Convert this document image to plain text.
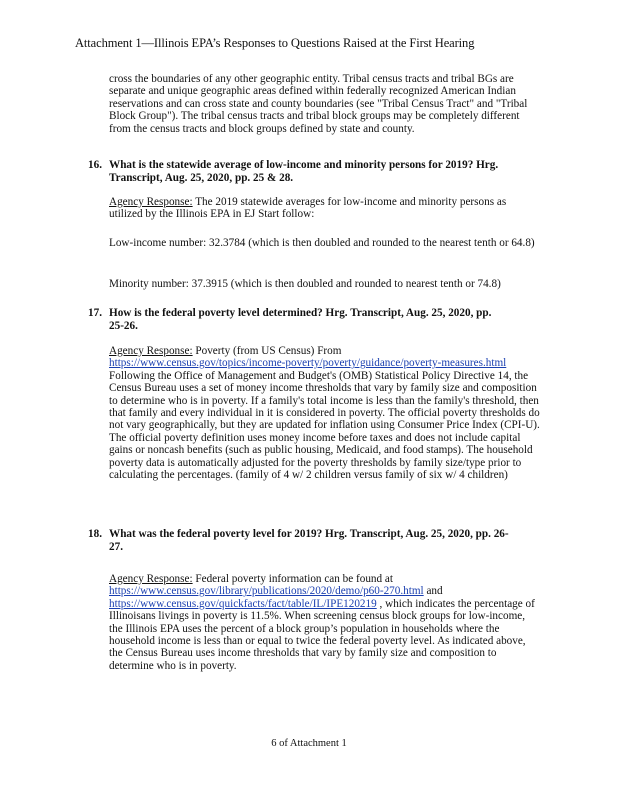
Attachment 1—Illinois EPA’s Responses to Questions Raised at the First Hearing
cross the boundaries of any other geographic entity. Tribal census tracts and tribal BGs are separate and unique geographic areas defined within federally recognized American Indian reservations and can cross state and county boundaries (see "Tribal Census Tract" and "Tribal Block Group"). The tribal census tracts and tribal block groups may be completely different from the census tracts and block groups defined by state and county.
16. What is the statewide average of low-income and minority persons for 2019? Hrg.
Transcript, Aug. 25, 2020, pp. 25 & 28.
Agency Response: The 2019 statewide averages for low-income and minority persons as utilized by the Illinois EPA in EJ Start follow:
Low-income number: 32.3784 (which is then doubled and rounded to the nearest tenth or 64.8)
Minority number: 37.3915 (which is then doubled and rounded to nearest tenth or 74.8)
17. How is the federal poverty level determined? Hrg. Transcript, Aug. 25, 2020, pp.
25-26.
Agency Response: Poverty (from US Census) From
https://www.census.gov/topics/income-poverty/poverty/guidance/poverty-measures.html
Following the Office of Management and Budget's (OMB) Statistical Policy Directive 14, the Census Bureau uses a set of money income thresholds that vary by family size and composition to determine who is in poverty. If a family's total income is less than the family's threshold, then that family and every individual in it is considered in poverty. The official poverty thresholds do not vary geographically, but they are updated for inflation using Consumer Price Index (CPI-U). The official poverty definition uses money income before taxes and does not include capital gains or noncash benefits (such as public housing, Medicaid, and food stamps). The household poverty data is automatically adjusted for the poverty thresholds by family size/type prior to calculating the percentages. (family of 4 w/ 2 children versus family of six w/ 4 children)
18. What was the federal poverty level for 2019? Hrg. Transcript, Aug. 25, 2020, pp. 26-
27.
Agency Response: Federal poverty information can be found at
https://www.census.gov/library/publications/2020/demo/p60-270.html and
https://www.census.gov/quickfacts/fact/table/IL/IPE120219 , which indicates the percentage of Illinoisans livings in poverty is 11.5%. When screening census block groups for low-income, the Illinois EPA uses the percent of a block group’s population in households where the household income is less than or equal to twice the federal poverty level. As indicated above, the Census Bureau uses income thresholds that vary by family size and composition to determine who is in poverty.
6 of Attachment 1
